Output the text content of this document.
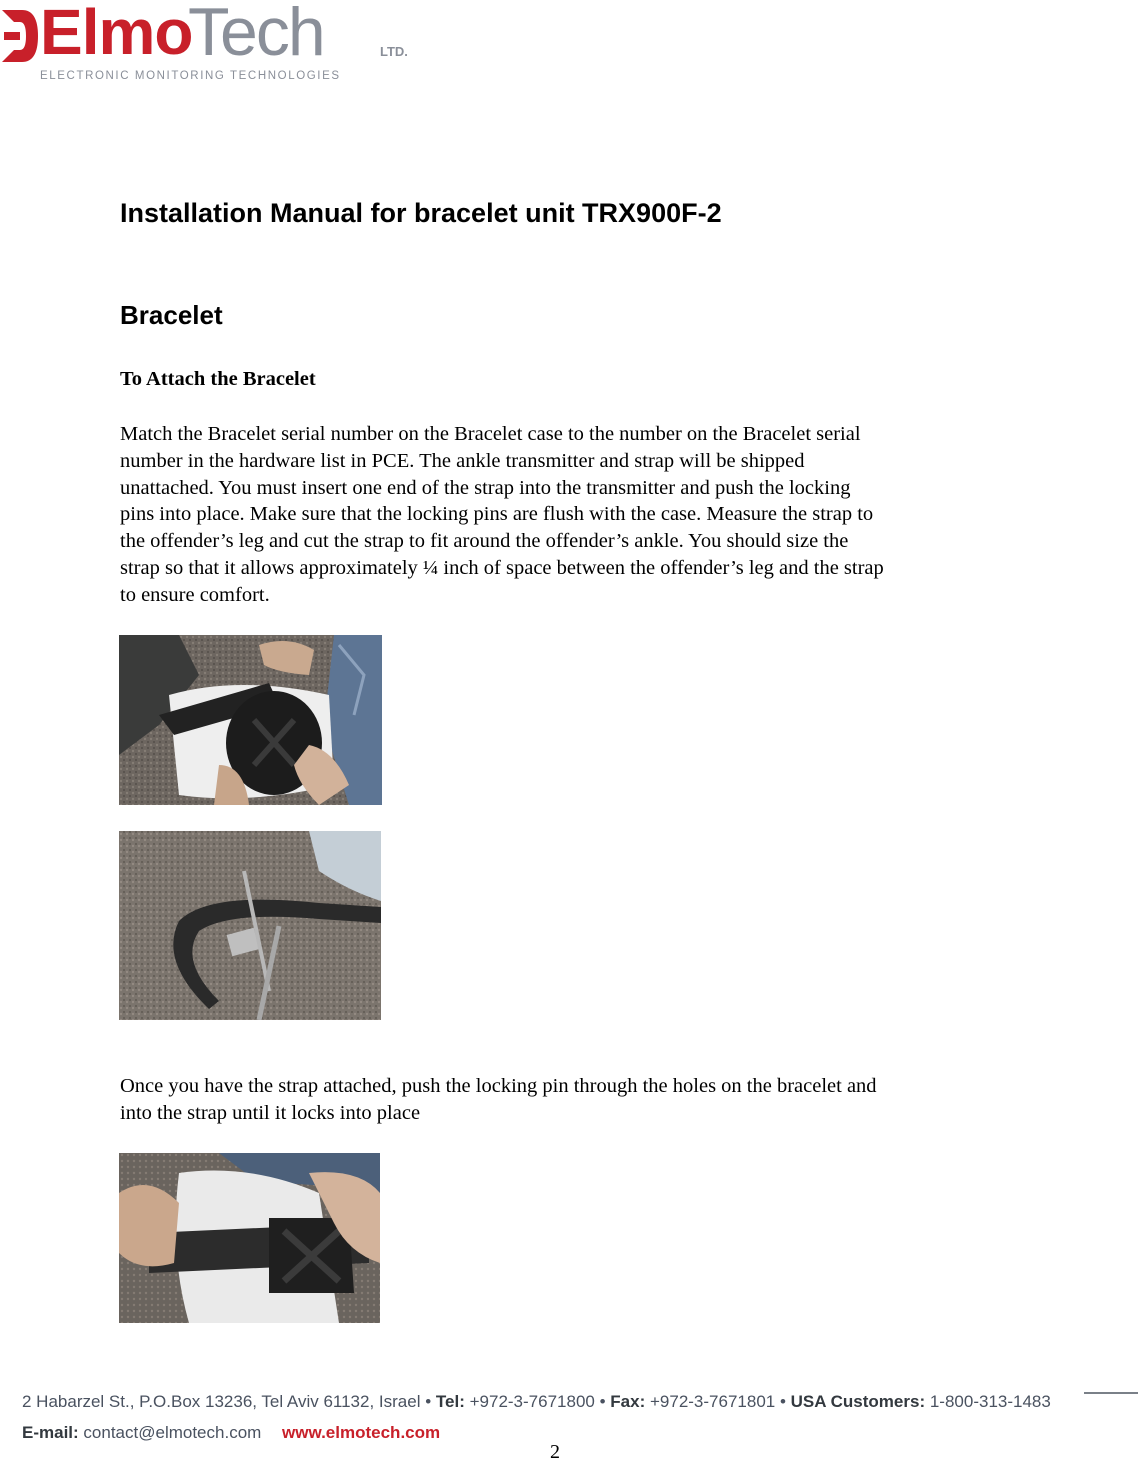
Elmo
Tech	LTD.
ELECTRONIC MONITORING TECHNOLOGIES
Installation Manual for bracelet unit TRX900F-2
Bracelet
To Attach the Bracelet
Match the Bracelet serial number on the Bracelet case to the number on the Bracelet serial
number in the hardware list in PCE. The ankle transmitter and strap will be shipped
unattached. You must insert one end of the strap into the transmitter and push the locking
pins into place. Make sure that the locking pins are flush with the case. Measure the strap to
the offender’s leg and cut the strap to fit around the offender’s ankle. You should size the
strap so that it allows approximately ¼ inch of space between the offender’s leg and the strap
to ensure comfort.
Once you have the strap attached, push the locking pin through the holes on the bracelet and
into the strap until it locks into place
2 Habarzel St., P.O.Box 13236, Tel Aviv 61132, Israel • Tel: +972-3-7671800 • Fax: +972-3-7671801 • USA Customers: 1-800-313-1483
E-mail: contact@elmotech.com www.elmotech.com
2
